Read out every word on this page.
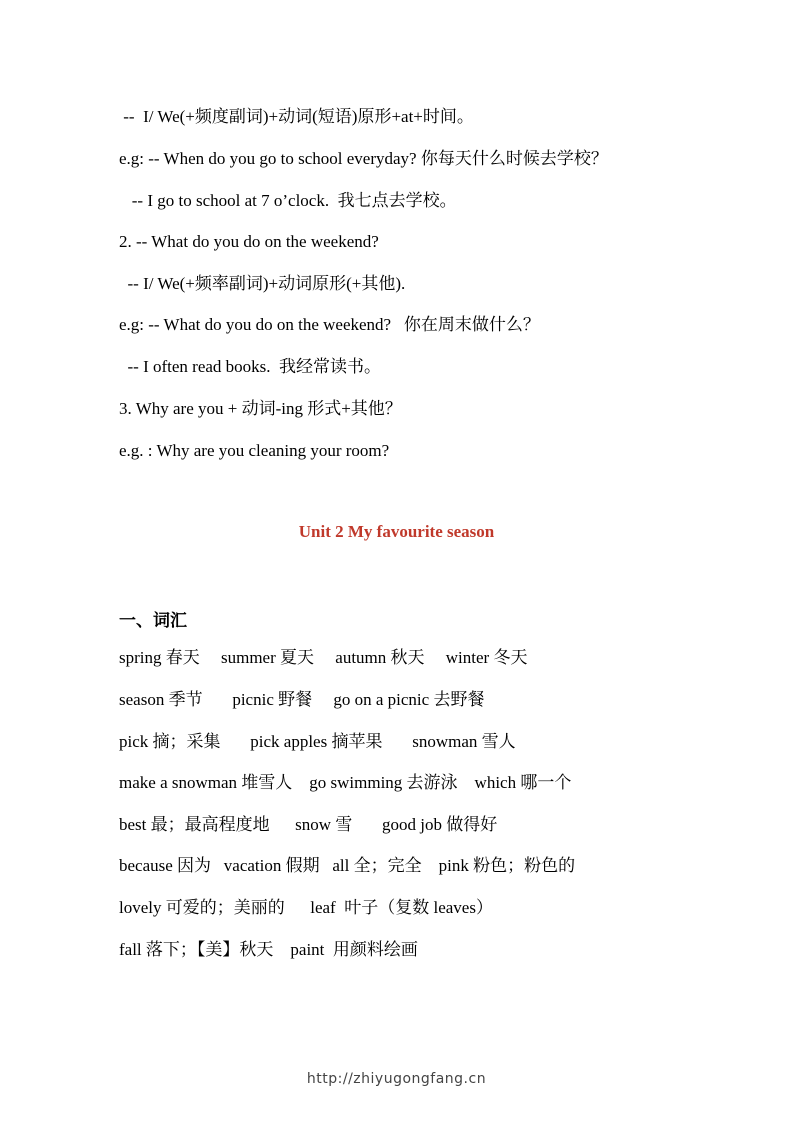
--  I/ We(+频度副词)+动词(短语)原形+at+时间。
e.g: -- When do you go to school everyday? 你每天什么时候去学校？
-- I go to school at 7 o’clock.  我七点去学校。
2. -- What do you do on the weekend?
-- I/ We(+频率副词)+动词原形(+其他).
e.g: -- What do you do on the weekend?   你在周末做什么？
-- I often read books.  我经常读书。
3. Why are you + 动词-ing 形式+其他？
e.g. : Why are you cleaning your room?
Unit 2 My favourite season
一、词汇
spring 春天     summer 夏天     autumn 秋天     winter 冬天
season 季节       picnic 野餐     go on a picnic 去野餐
pick 摘；采集       pick apples 摘苹果       snowman 雪人
make a snowman 堆雪人    go swimming 去游泳    which 哪一个
best 最；最高程度地      snow 雪       good job 做得好
because 因为   vacation 假期   all 全；完全    pink 粉色；粉色的
lovely 可爱的；美丽的      leaf  叶子（复数 leaves）
fall 落下；【美】秋天    paint  用颜料绘画
http://zhiyugongfang.cn
